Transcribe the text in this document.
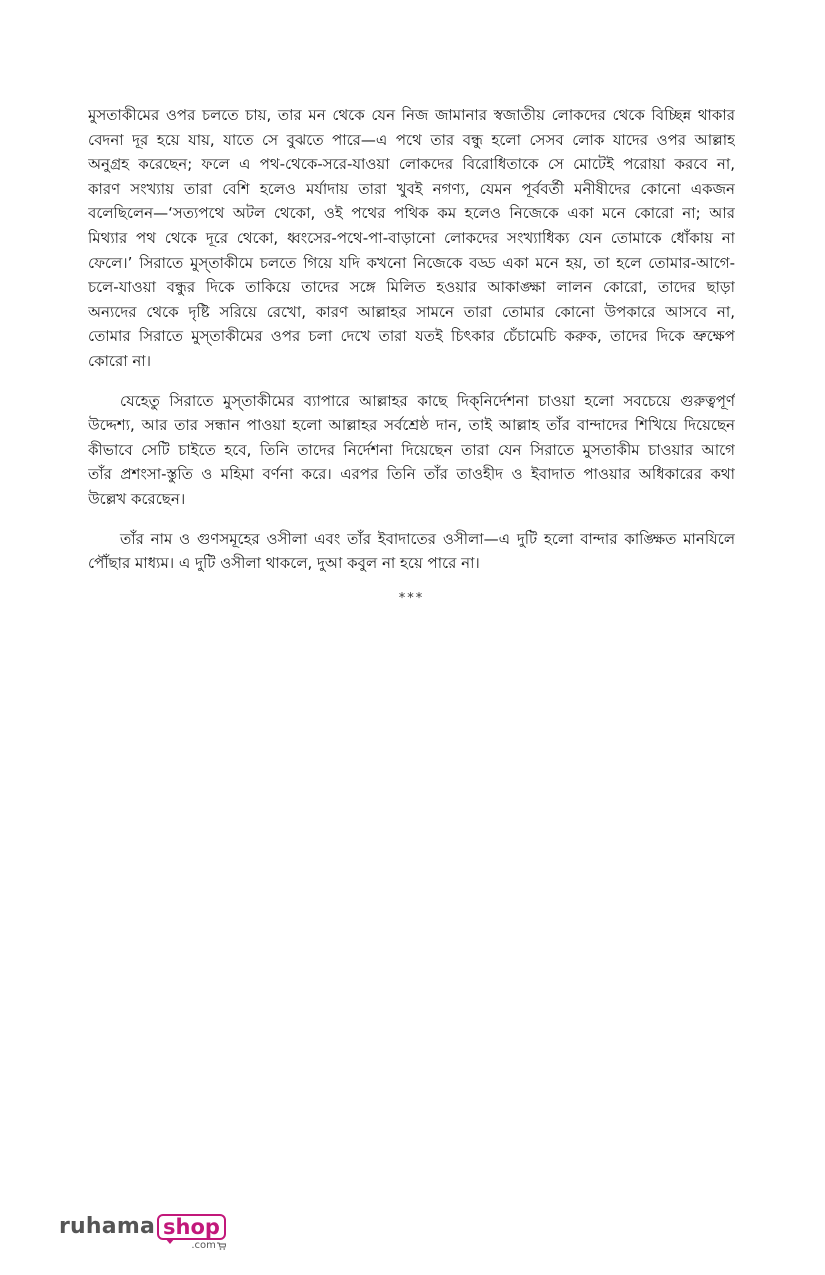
মুসতাকীমের ওপর চলতে চায়, তার মন থেকে যেন নিজ জামানার স্বজাতীয় লোকদের থেকে বিচ্ছিন্ন থাকার
বেদনা দূর হয়ে যায়, যাতে সে বুঝতে পারে—এ পথে তার বন্ধু হলো সেসব লোক যাদের ওপর আল্লাহ
অনুগ্রহ করেছেন; ফলে এ পথ-থেকে-সরে-যাওয়া লোকদের বিরোধিতাকে সে মোটেই পরোয়া করবে না,
কারণ সংখ্যায় তারা বেশি হলেও মর্যাদায় তারা খুবই নগণ্য, যেমন পূর্ববর্তী মনীষীদের কোনো একজন
বলেছিলেন—‘সত্যপথে অটল থেকো, ওই পথের পথিক কম হলেও নিজেকে একা মনে কোরো না; আর
মিথ্যার পথ থেকে দূরে থেকো, ধ্বংসের-পথে-পা-বাড়ানো লোকদের সংখ্যাধিক্য যেন তোমাকে ধোঁকায় না
ফেলে।’ সিরাতে মুস্‌তাকীমে চলতে গিয়ে যদি কখনো নিজেকে বড্ড একা মনে হয়, তা হলে তোমার-আগে-
চলে-যাওয়া বন্ধুর দিকে তাকিয়ে তাদের সঙ্গে মিলিত হওয়ার আকাঙ্ক্ষা লালন কোরো, তাদের ছাড়া
অন্যদের থেকে দৃষ্টি সরিয়ে রেখো, কারণ আল্লাহর সামনে তারা তোমার কোনো উপকারে আসবে না,
তোমার সিরাতে মুস্‌তাকীমের ওপর চলা দেখে তারা যতই চিৎকার চেঁচামেচি করুক, তাদের দিকে ভ্রুক্ষেপ
কোরো না।
যেহেতু সিরাতে মুস্‌তাকীমের ব্যাপারে আল্লাহর কাছে দিক্‌নির্দেশনা চাওয়া হলো সবচেয়ে গুরুত্বপূর্ণ
উদ্দেশ্য, আর তার সন্ধান পাওয়া হলো আল্লাহর সর্বশ্রেষ্ঠ দান, তাই আল্লাহ তাঁর বান্দাদের শিখিয়ে দিয়েছেন
কীভাবে সেটি চাইতে হবে, তিনি তাদের নির্দেশনা দিয়েছেন তারা যেন সিরাতে মুসতাকীম চাওয়ার আগে
তাঁর প্রশংসা-স্তুতি ও মহিমা বর্ণনা করে। এরপর তিনি তাঁর তাওহীদ ও ইবাদাত পাওয়ার অধিকারের কথা
উল্লেখ করেছেন।
তাঁর নাম ও গুণসমূহের ওসীলা এবং তাঁর ইবাদাতের ওসীলা—এ দুটি হলো বান্দার কাঙ্ক্ষিত মানযিলে
পৌঁছার মাধ্যম। এ দুটি ওসীলা থাকলে, দুআ কবুল না হয়ে পারে না।
***
ruhama shop
.com
